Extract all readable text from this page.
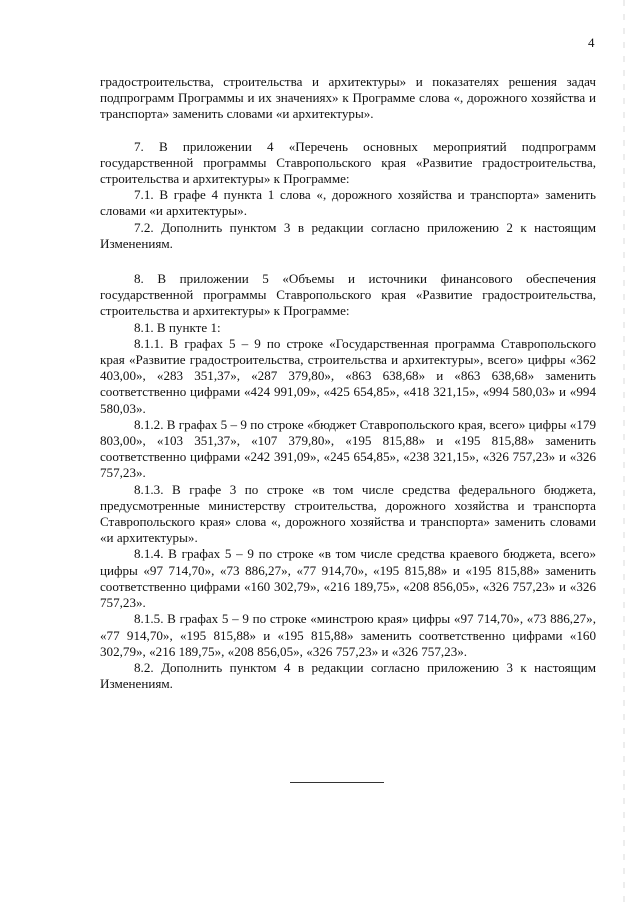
4

градостроительства, строительства и архитектуры» и показателях решения задач подпрограмм Программы и их значениях» к Программе слова «, дорожного хозяйства и транспорта» заменить словами «и архитектуры».

7. В приложении 4 «Перечень основных мероприятий подпрограмм государственной программы Ставропольского края «Развитие градостроительства, строительства и архитектуры» к Программе:

7.1. В графе 4 пункта 1 слова «, дорожного хозяйства и транспорта» заменить словами «и архитектуры».

7.2. Дополнить пунктом 3 в редакции согласно приложению 2 к настоящим Изменениям.

8. В приложении 5 «Объемы и источники финансового обеспечения государственной программы Ставропольского края «Развитие градостроительства, строительства и архитектуры» к Программе:

8.1. В пункте 1:

8.1.1. В графах 5 – 9 по строке «Государственная программа Ставропольского края «Развитие градостроительства, строительства и архитектуры», всего» цифры «362 403,00», «283 351,37», «287 379,80», «863 638,68» и «863 638,68» заменить соответственно цифрами «424 991,09», «425 654,85», «418 321,15», «994 580,03» и «994 580,03».

8.1.2. В графах 5 – 9 по строке «бюджет Ставропольского края, всего» цифры «179 803,00», «103 351,37», «107 379,80», «195 815,88» и «195 815,88» заменить соответственно цифрами «242 391,09», «245 654,85», «238 321,15», «326 757,23» и «326 757,23».

8.1.3. В графе 3 по строке «в том числе средства федерального бюджета, предусмотренные министерству строительства, дорожного хозяйства и транспорта Ставропольского края» слова «, дорожного хозяйства и транспорта» заменить словами «и архитектуры».

8.1.4. В графах 5 – 9 по строке «в том числе средства краевого бюджета, всего» цифры «97 714,70», «73 886,27», «77 914,70», «195 815,88» и «195 815,88» заменить соответственно цифрами «160 302,79», «216 189,75», «208 856,05», «326 757,23» и «326 757,23».

8.1.5. В графах 5 – 9 по строке «минстрою края» цифры «97 714,70», «73 886,27», «77 914,70», «195 815,88» и «195 815,88» заменить соответственно цифрами «160 302,79», «216 189,75», «208 856,05», «326 757,23» и «326 757,23».

8.2. Дополнить пунктом 4 в редакции согласно приложению 3 к настоящим Изменениям.
